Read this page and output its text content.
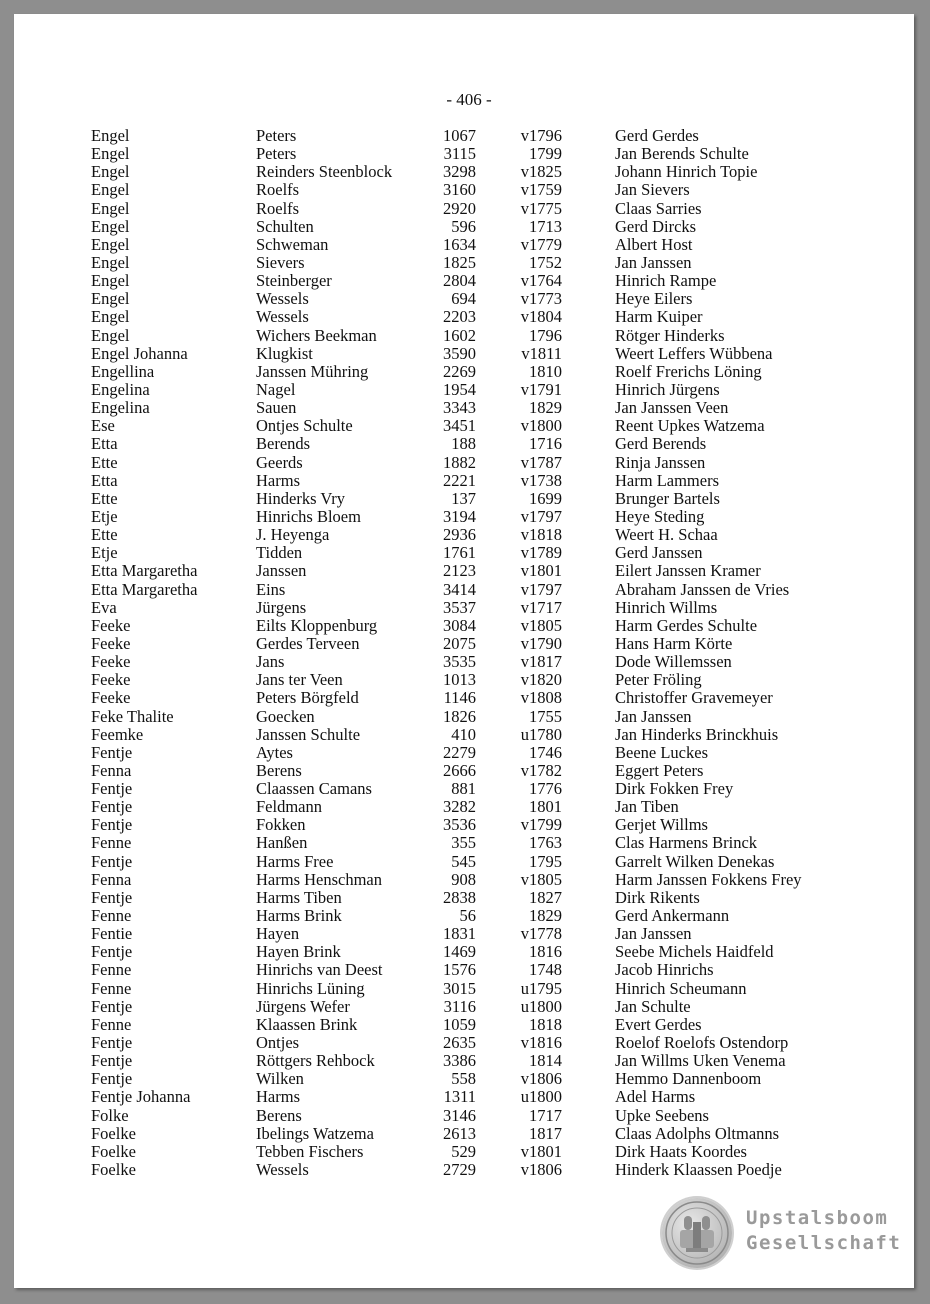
- 406 -
Engel	Peters	1067	v1796	Gerd Gerdes
Engel	Peters	3115	1799	Jan Berends Schulte
Engel	Reinders Steenblock	3298	v1825	Johann Hinrich Topie
Engel	Roelfs	3160	v1759	Jan Sievers
Engel	Roelfs	2920	v1775	Claas Sarries
Engel	Schulten	596	1713	Gerd Dircks
Engel	Schweman	1634	v1779	Albert Host
Engel	Sievers	1825	1752	Jan Janssen
Engel	Steinberger	2804	v1764	Hinrich Rampe
Engel	Wessels	694	v1773	Heye Eilers
Engel	Wessels	2203	v1804	Harm Kuiper
Engel	Wichers Beekman	1602	1796	Rötger Hinderks
Engel Johanna	Klugkist	3590	v1811	Weert Leffers Wübbena
Engellina	Janssen Mühring	2269	1810	Roelf Frerichs Löning
Engelina	Nagel	1954	v1791	Hinrich Jürgens
Engelina	Sauen	3343	1829	Jan Janssen Veen
Ese	Ontjes Schulte	3451	v1800	Reent Upkes Watzema
Etta	Berends	188	1716	Gerd Berends
Ette	Geerds	1882	v1787	Rinja Janssen
Etta	Harms	2221	v1738	Harm Lammers
Ette	Hinderks Vry	137	1699	Brunger Bartels
Etje	Hinrichs Bloem	3194	v1797	Heye Steding
Ette	J. Heyenga	2936	v1818	Weert H. Schaa
Etje	Tidden	1761	v1789	Gerd Janssen
Etta Margaretha	Janssen	2123	v1801	Eilert Janssen Kramer
Etta Margaretha	Eins	3414	v1797	Abraham Janssen de Vries
Eva	Jürgens	3537	v1717	Hinrich Willms
Feeke	Eilts Kloppenburg	3084	v1805	Harm Gerdes Schulte
Feeke	Gerdes Terveen	2075	v1790	Hans Harm Körte
Feeke	Jans	3535	v1817	Dode Willemssen
Feeke	Jans ter Veen	1013	v1820	Peter Fröling
Feeke	Peters Börgfeld	1146	v1808	Christoffer Gravemeyer
Feke Thalite	Goecken	1826	1755	Jan Janssen
Feemke	Janssen Schulte	410	u1780	Jan Hinderks Brinckhuis
Fentje	Aytes	2279	1746	Beene Luckes
Fenna	Berens	2666	v1782	Eggert Peters
Fentje	Claassen Camans	881	1776	Dirk Fokken Frey
Fentje	Feldmann	3282	1801	Jan Tiben
Fentje	Fokken	3536	v1799	Gerjet Willms
Fenne	Hanßen	355	1763	Clas Harmens Brinck
Fentje	Harms Free	545	1795	Garrelt Wilken Denekas
Fenna	Harms Henschman	908	v1805	Harm Janssen Fokkens Frey
Fentje	Harms Tiben	2838	1827	Dirk Rikents
Fenne	Harms Brink	56	1829	Gerd Ankermann
Fentie	Hayen	1831	v1778	Jan Janssen
Fentje	Hayen Brink	1469	1816	Seebe Michels Haidfeld
Fenne	Hinrichs van Deest	1576	1748	Jacob Hinrichs
Fenne	Hinrichs Lüning	3015	u1795	Hinrich Scheumann
Fentje	Jürgens Wefer	3116	u1800	Jan Schulte
Fenne	Klaassen Brink	1059	1818	Evert Gerdes
Fentje	Ontjes	2635	v1816	Roelof Roelofs Ostendorp
Fentje	Röttgers Rehbock	3386	1814	Jan Willms Uken Venema
Fentje	Wilken	558	v1806	Hemmo Dannenboom
Fentje Johanna	Harms	1311	u1800	Adel Harms
Folke	Berens	3146	1717	Upke Seebens
Foelke	Ibelings Watzema	2613	1817	Claas Adolphs Oltmanns
Foelke	Tebben Fischers	529	v1801	Dirk Haats Koordes
Foelke	Wessels	2729	v1806	Hinderk Klaassen Poedje
Upstalsboom
Gesellschaft
